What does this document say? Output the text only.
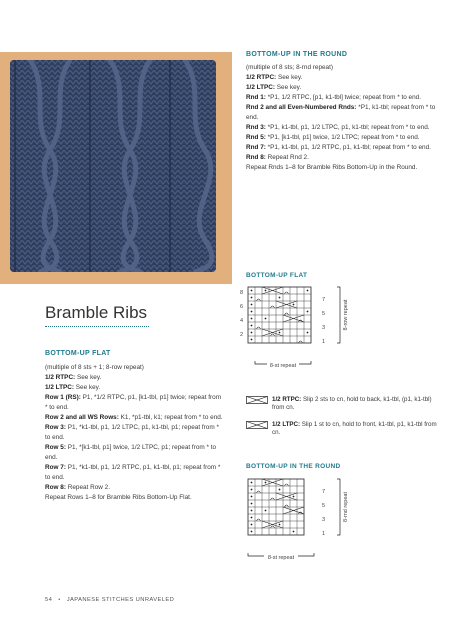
BOTTOM-UP IN THE ROUND
(multiple of 8 sts; 8-rnd repeat)
1/2 RTPC: See key.
1/2 LTPC: See key.
Rnd 1: *P1, 1/2 RTPC, [p1, k1-tbl] twice; repeat from * to end.
Rnd 2 and all Even-Numbered Rnds: *P1, k1-tbl; repeat from * to end.
Rnd 3: *P1, k1-tbl, p1, 1/2 LTPC, p1, k1-tbl; repeat from * to end.
Rnd 5: *P1, [k1-tbl, p1] twice, 1/2 LTPC; repeat from * to end.
Rnd 7: *P1, k1-tbl, p1, 1/2 RTPC, p1, k1-tbl; repeat from * to end.
Rnd 8: Repeat Rnd 2.
Repeat Rnds 1–8 for Bramble Ribs Bottom-Up in the Round.
Bramble Ribs
BOTTOM-UP FLAT
(multiple of 8 sts + 1; 8-row repeat)
1/2 RTPC: See key.
1/2 LTPC: See key.
Row 1 (RS): P1, *1/2 RTPC, p1, [k1-tbl, p1] twice; repeat from * to end.
Row 2 and all WS Rows: K1, *p1-tbl, k1; repeat from * to end.
Row 3: P1, *k1-tbl, p1, 1/2 LTPC, p1, k1-tbl, p1; repeat from * to end.
Row 5: P1, *[k1-tbl, p1] twice, 1/2 LTPC, p1; repeat from * to end.
Row 7: P1, *k1-tbl, p1, 1/2 RTPC, p1, k1-tbl, p1; repeat from * to end.
Row 8: Repeat Row 2.
Repeat Rows 1–8 for Bramble Ribs Bottom-Up Flat.
BOTTOM-UP FLAT
8
6
4
2
7
5
3
1
8-row repeat
8-st repeat
1/2 RTPC: Slip 2 sts to cn, hold to back, k1-tbl, (p1, k1-tbl) from cn.
1/2 LTPC: Slip 1 st to cn, hold to front, k1-tbl, p1, k1-tbl from cn.
BOTTOM-UP IN THE ROUND
7
5
3
1
8-rnd repeat
8-st repeat
54 • JAPANESE STITCHES UNRAVELED
